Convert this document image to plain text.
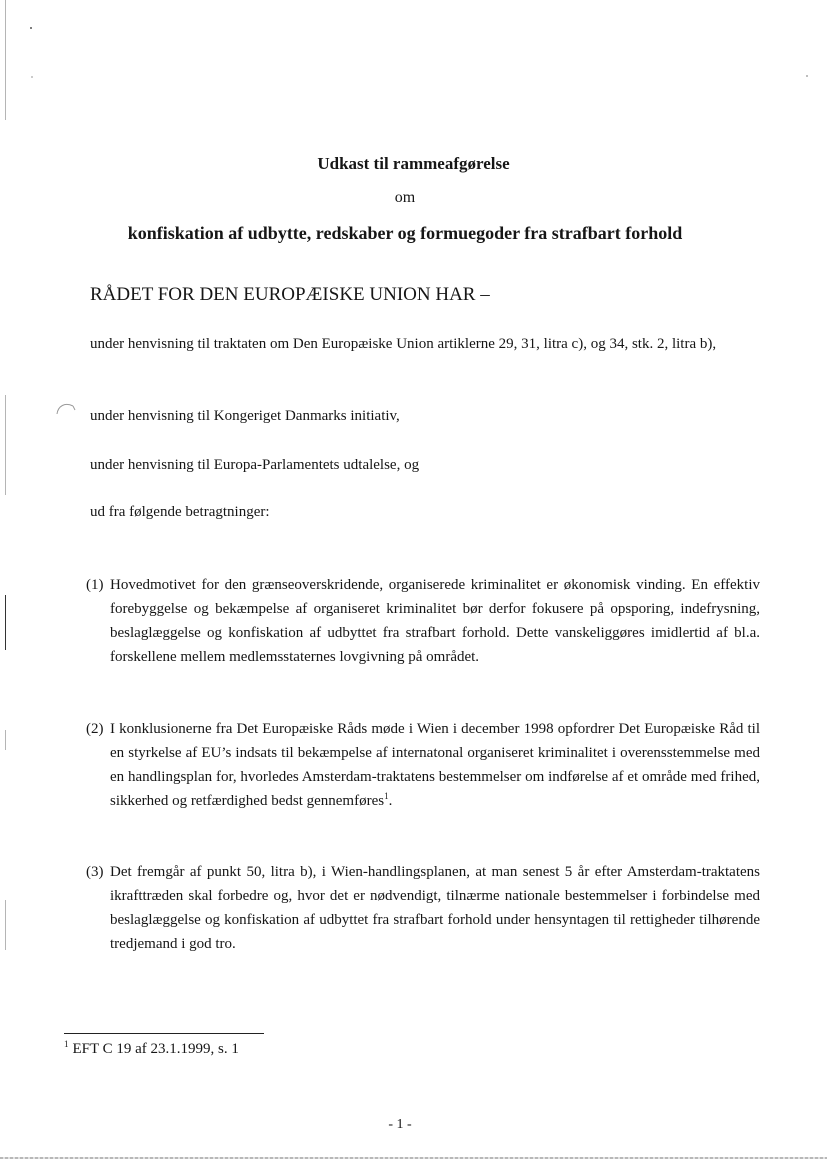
Udkast til rammeafgørelse
om
konfiskation af udbytte, redskaber og formuegoder fra strafbart forhold
RÅDET FOR DEN EUROPÆISKE UNION HAR –
under henvisning til traktaten om Den Europæiske Union artiklerne 29, 31, litra c), og 34, stk. 2, litra b),
under henvisning til Kongeriget Danmarks initiativ,
under henvisning til Europa-Parlamentets udtalelse, og
ud fra følgende betragtninger:
(1) Hovedmotivet for den grænseoverskridende, organiserede kriminalitet er økonomisk vinding. En effektiv forebyggelse og bekæmpelse af organiseret kriminalitet bør derfor fokusere på opsporing, indefrysning, beslaglæggelse og konfiskation af udbyttet fra strafbart forhold. Dette vanskeliggøres imidlertid af bl.a. forskellene mellem medlemsstaternes lovgivning på området.
(2) I konklusionerne fra Det Europæiske Råds møde i Wien i december 1998 opfordrer Det Europæiske Råd til en styrkelse af EU’s indsats til bekæmpelse af internatonal organiseret kriminalitet i overensstemmelse med en handlingsplan for, hvorledes Amsterdam-traktatens bestemmelser om indførelse af et område med frihed, sikkerhed og retfærdighed bedst gennemføres$^1$.
(3) Det fremgår af punkt 50, litra b), i Wien-handlingsplanen, at man senest 5 år efter Amsterdam-traktatens ikrafttræden skal forbedre og, hvor det er nødvendigt, tilnærme nationale bestemmelser i forbindelse med beslaglæggelse og konfiskation af udbyttet fra strafbart forhold under hensyntagen til rettigheder tilhørende tredjemand i god tro.
$^1$ EFT C 19 af 23.1.1999, s. 1
- 1 -
